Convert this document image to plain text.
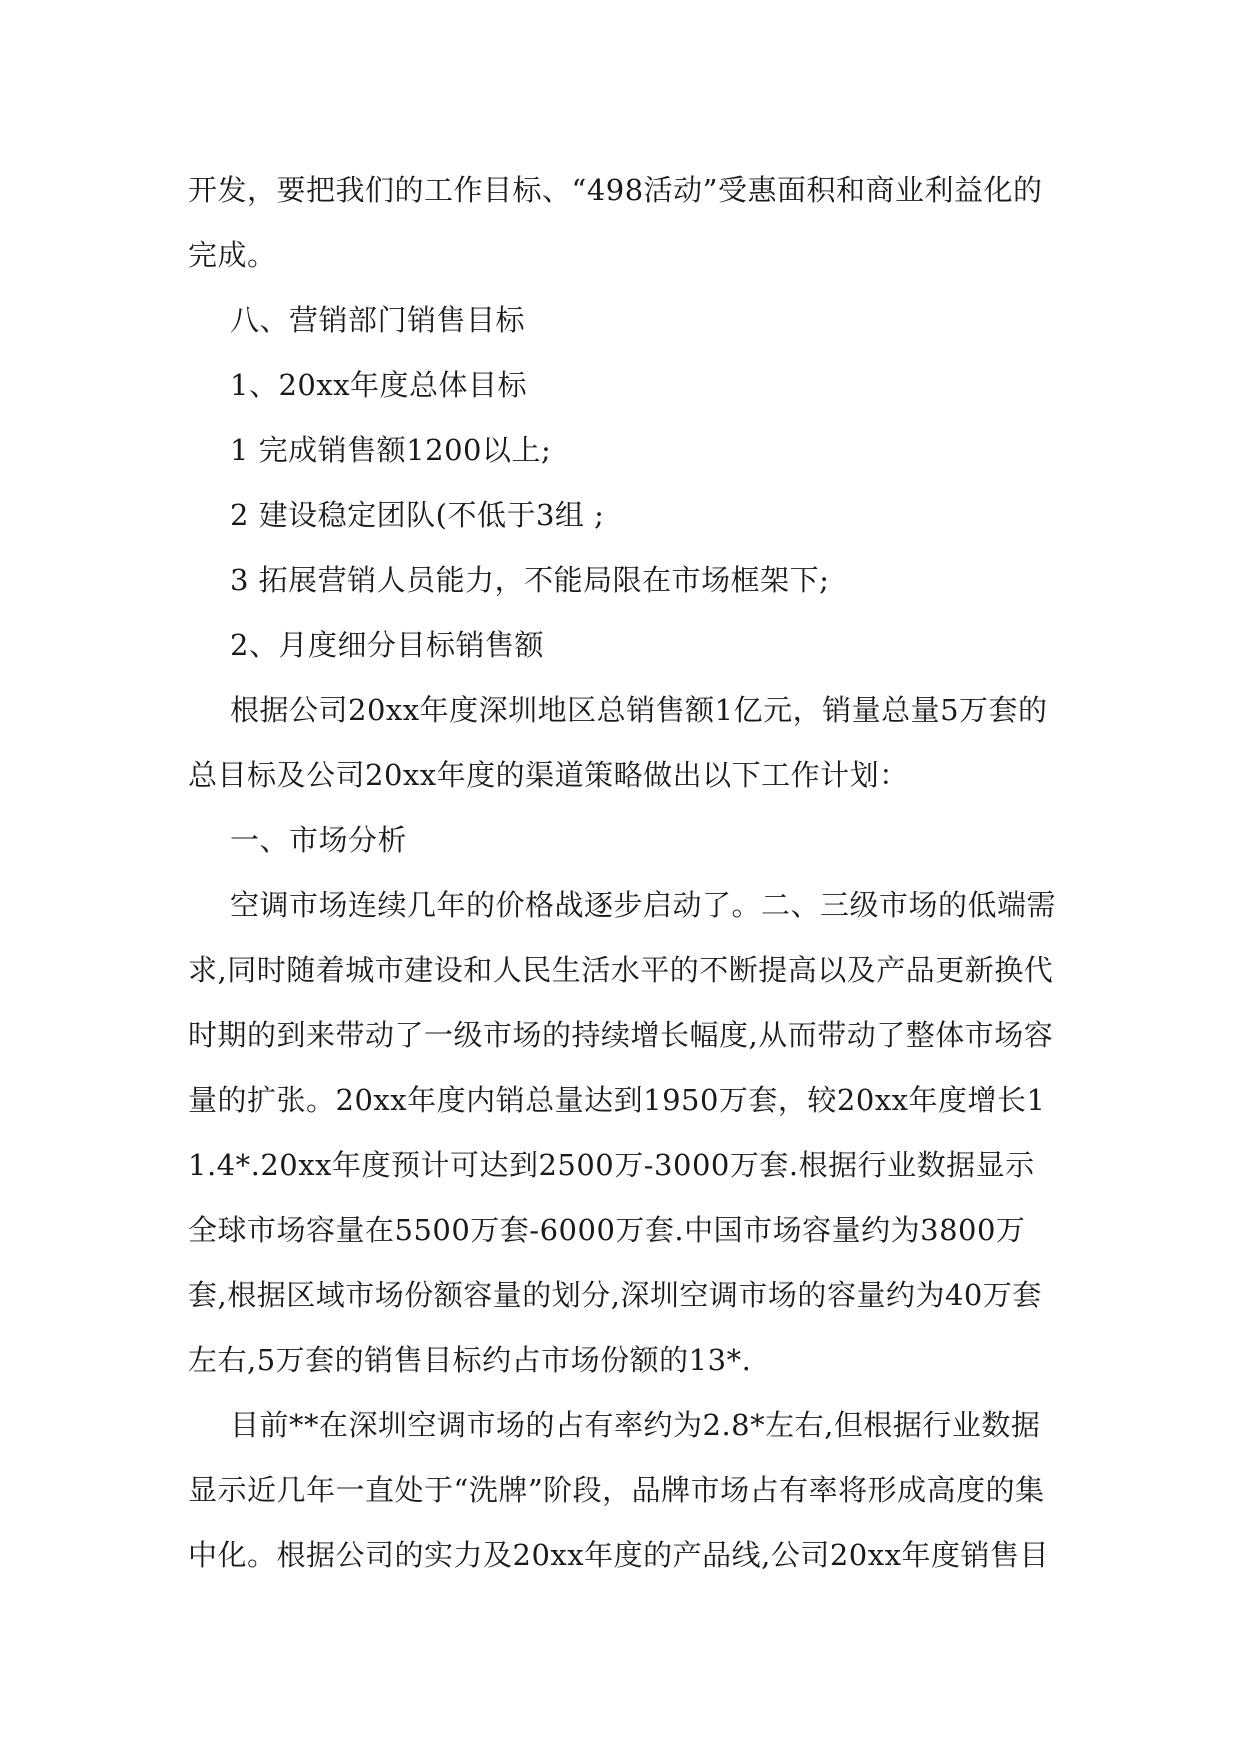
开发，要把我们的工作目标、“498活动”受惠面积和商业利益化的完成。

八、营销部门销售目标

1、20xx年度总体目标

1 完成销售额1200以上;

2 建设稳定团队(不低于3组 ;

3 拓展营销人员能力，不能局限在市场框架下;

2、月度细分目标销售额

根据公司20xx年度深圳地区总销售额1亿元，销量总量5万套的总目标及公司20xx年度的渠道策略做出以下工作计划：

一、市场分析

空调市场连续几年的价格战逐步启动了。二、三级市场的低端需求,同时随着城市建设和人民生活水平的不断提高以及产品更新换代时期的到来带动了一级市场的持续增长幅度,从而带动了整体市场容量的扩张。20xx年度内销总量达到1950万套，较20xx年度增长11.4*.20xx年度预计可达到2500万-3000万套.根据行业数据显示全球市场容量在5500万套-6000万套.中国市场容量约为3800万套,根据区域市场份额容量的划分,深圳空调市场的容量约为40万套左右,5万套的销售目标约占市场份额的13*.

目前**在深圳空调市场的占有率约为2.8*左右,但根据行业数据显示近几年一直处于“洗牌”阶段，品牌市场占有率将形成高度的集中化。根据公司的实力及20xx年度的产品线,公司20xx年度销售目
